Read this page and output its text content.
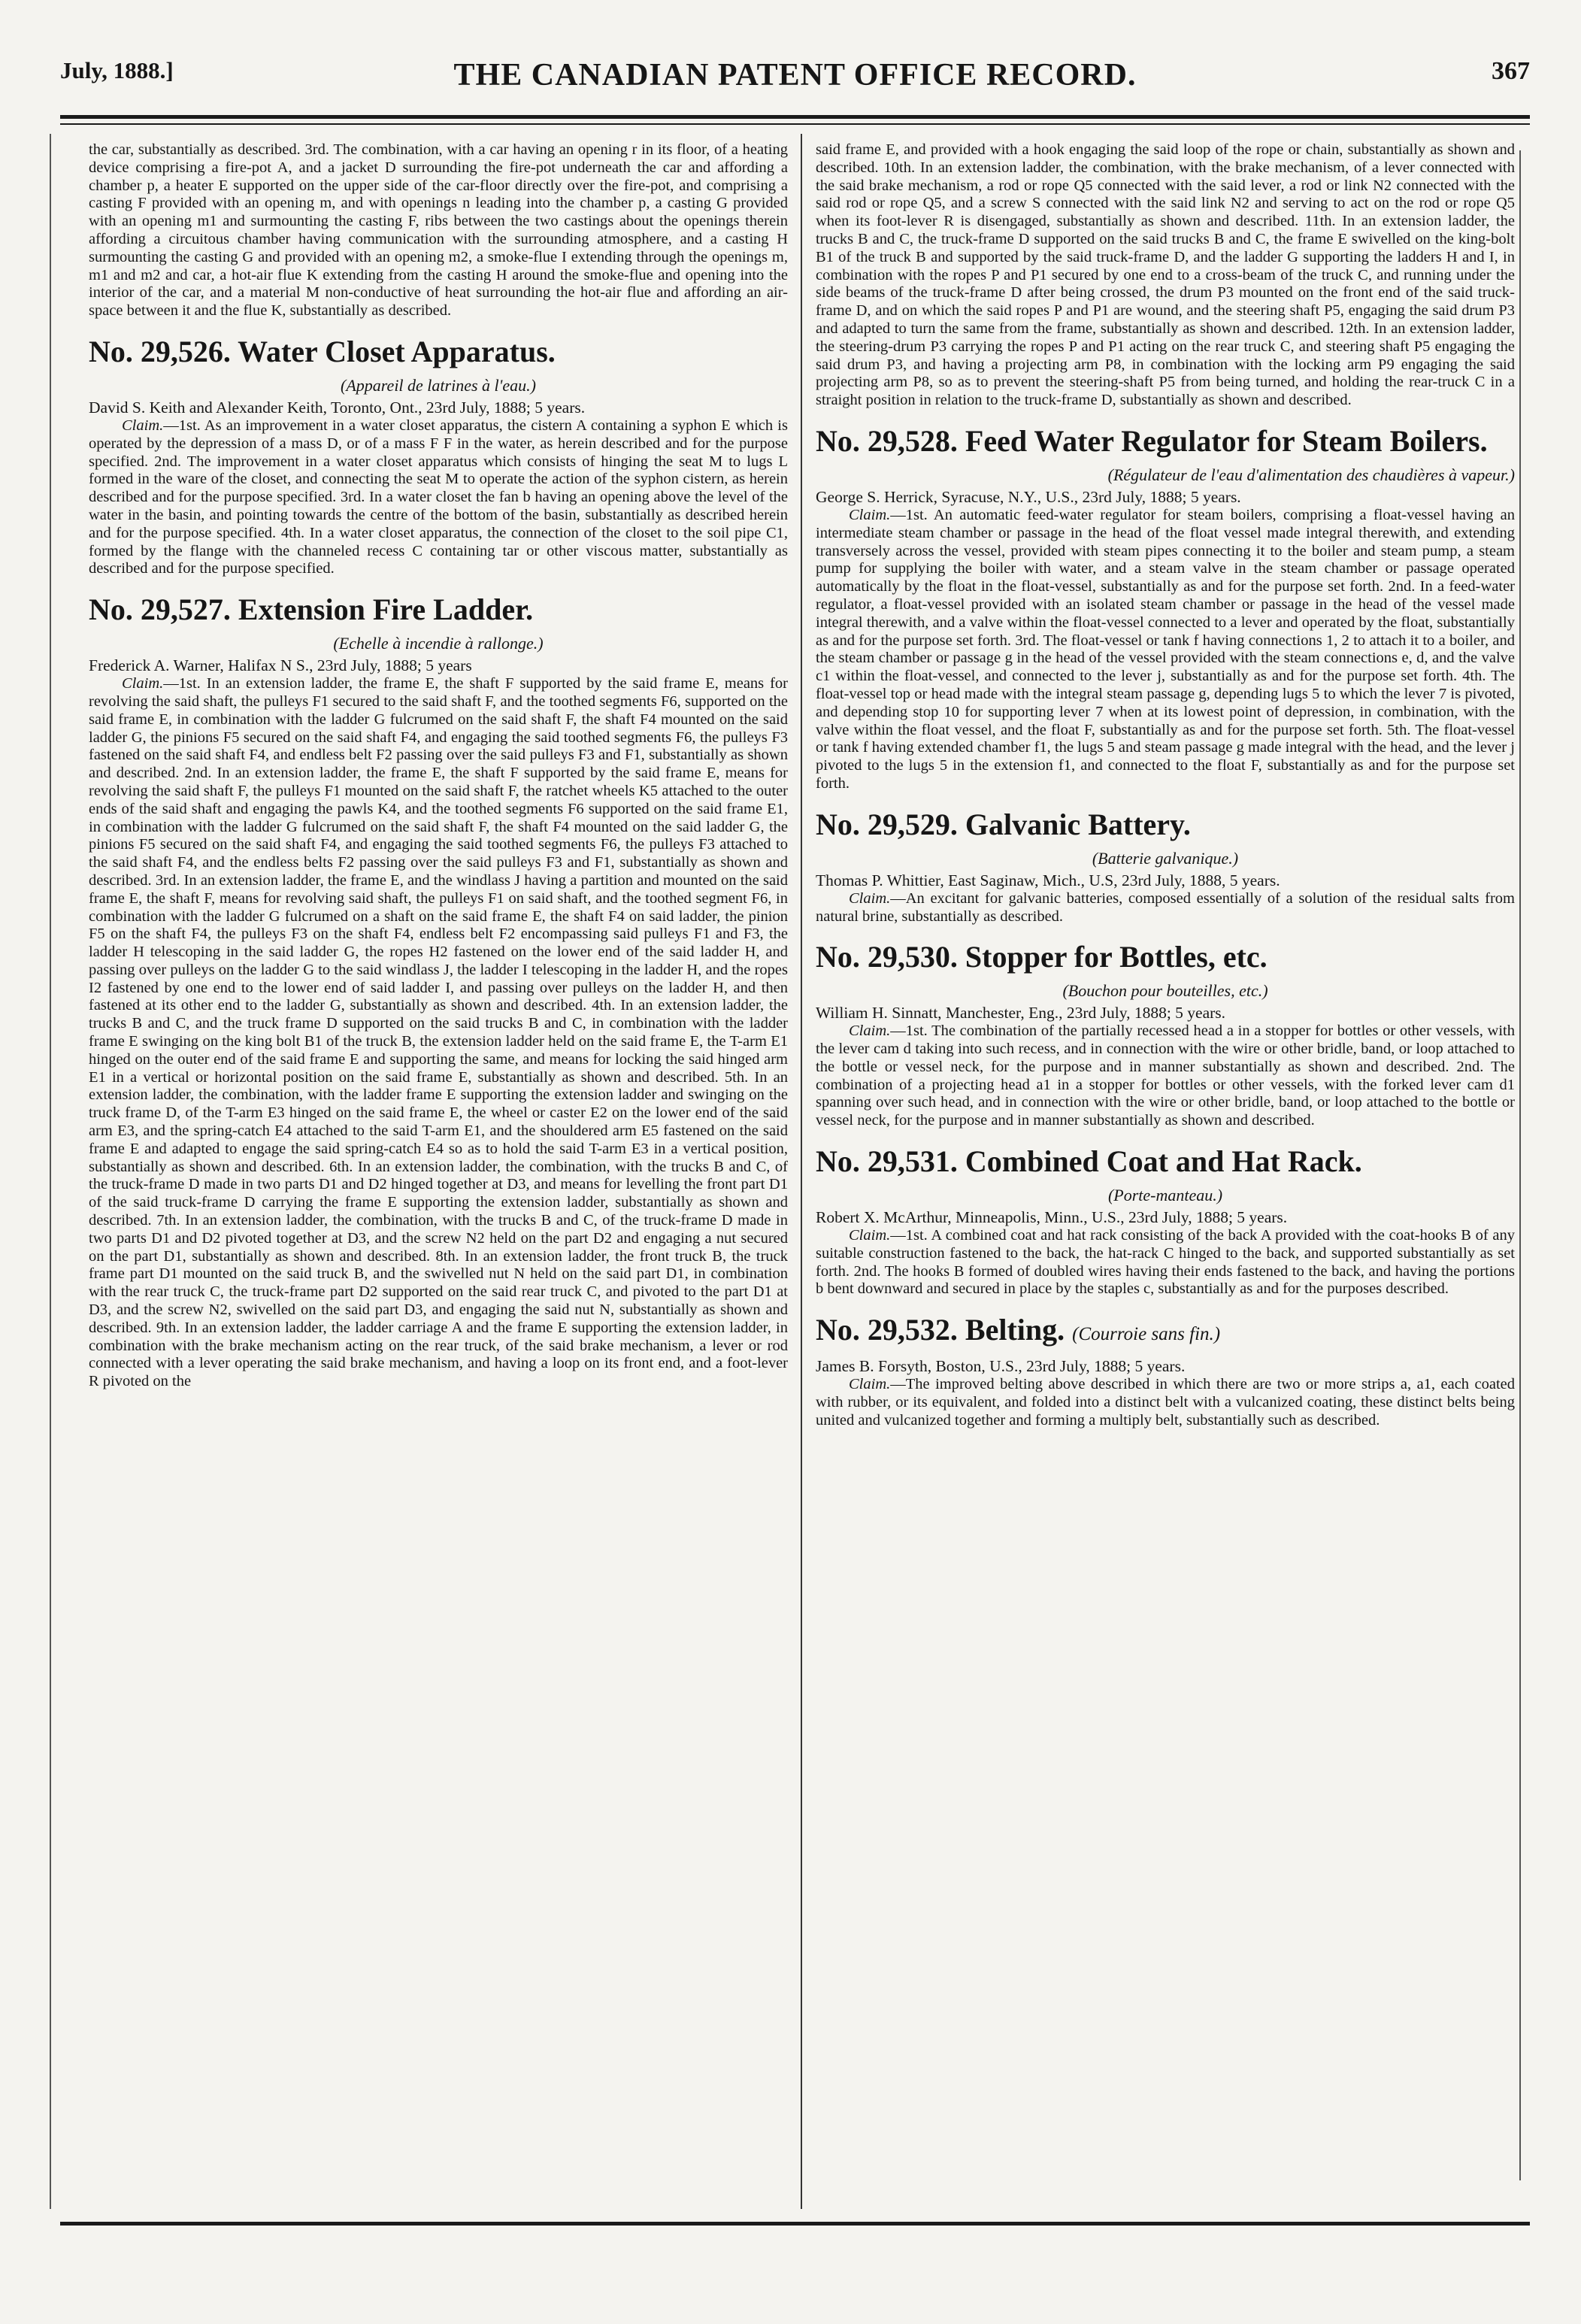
July, 1888.]	THE CANADIAN PATENT OFFICE RECORD.	367

the car, substantially as described. 3rd. The combination, with a car having an opening r in its floor, of a heating device comprising a fire-pot A, and a jacket D surrounding the fire-pot underneath the car and affording a chamber p, a heater E supported on the upper side of the car-floor directly over the fire-pot, and comprising a casting F provided with an opening m, and with openings n leading into the chamber p, a casting G provided with an opening m1 and surmounting the casting F, ribs between the two castings about the openings therein affording a circuitous chamber having communication with the surrounding atmosphere, and a casting H surmounting the casting G and provided with an opening m2, a smoke-flue I extending through the openings m, m1 and m2 and car, a hot-air flue K extending from the casting H around the smoke-flue and opening into the interior of the car, and a material M non-conductive of heat surrounding the hot-air flue and affording an air-space between it and the flue K, substantially as described.

No. 29,526. Water Closet Apparatus.
(Appareil de latrines à l'eau.)
David S. Keith and Alexander Keith, Toronto, Ont., 23rd July, 1888; 5 years.

Claim.—1st. As an improvement in a water closet apparatus, the cistern A containing a syphon E which is operated by the depression of a mass D, or of a mass F F in the water, as herein described and for the purpose specified. 2nd. The improvement in a water closet apparatus which consists of hinging the seat M to lugs L formed in the ware of the closet, and connecting the seat M to operate the action of the syphon cistern, as herein described and for the purpose specified. 3rd. In a water closet the fan b having an opening above the level of the water in the basin, and pointing towards the centre of the bottom of the basin, substantially as described herein and for the purpose specified. 4th. In a water closet apparatus, the connection of the closet to the soil pipe C1, formed by the flange with the channeled recess C containing tar or other viscous matter, substantially as described and for the purpose specified.

No. 29,527. Extension Fire Ladder.
(Echelle à incendie à rallonge.)
Frederick A. Warner, Halifax N S., 23rd July, 1888; 5 years

Claim.—1st. In an extension ladder, the frame E, the shaft F supported by the said frame E, means for revolving the said shaft, the pulleys F1 secured to the said shaft F, and the toothed segments F6, supported on the said frame E, in combination with the ladder G fulcrumed on the said shaft F, the shaft F4 mounted on the said ladder G, the pinions F5 secured on the said shaft F4, and engaging the said toothed segments F6, the pulleys F3 fastened on the said shaft F4, and endless belt F2 passing over the said pulleys F3 and F1, substantially as shown and described. 2nd. In an extension ladder, the frame E, the shaft F supported by the said frame E, means for revolving the said shaft F, the pulleys F1 mounted on the said shaft F, the ratchet wheels K5 attached to the outer ends of the said shaft and engaging the pawls K4, and the toothed segments F6 supported on the said frame E1, in combination with the ladder G fulcrumed on the said shaft F, the shaft F4 mounted on the said ladder G, the pinions F5 secured on the said shaft F4, and engaging the said toothed segments F6, the pulleys F3 attached to the said shaft F4, and the endless belts F2 passing over the said pulleys F3 and F1, substantially as shown and described. 3rd. In an extension ladder, the frame E, and the windlass J having a partition and mounted on the said frame E, the shaft F, means for revolving said shaft, the pulleys F1 on said shaft, and the toothed segment F6, in combination with the ladder G fulcrumed on a shaft on the said frame E, the shaft F4 on said ladder, the pinion F5 on the shaft F4, the pulleys F3 on the shaft F4, endless belt F2 encompassing said pulleys F1 and F3, the ladder H telescoping in the said ladder G, the ropes H2 fastened on the lower end of the said ladder H, and passing over pulleys on the ladder G to the said windlass J, the ladder I telescoping in the ladder H, and the ropes I2 fastened by one end to the lower end of said ladder I, and passing over pulleys on the ladder H, and then fastened at its other end to the ladder G, substantially as shown and described. 4th. In an extension ladder, the trucks B and C, and the truck frame D supported on the said trucks B and C, in combination with the ladder frame E swinging on the king bolt B1 of the truck B, the extension ladder held on the said frame E, the T-arm E1 hinged on the outer end of the said frame E and supporting the same, and means for locking the said hinged arm E1 in a vertical or horizontal position on the said frame E, substantially as shown and described. 5th. In an extension ladder, the combination, with the ladder frame E supporting the extension ladder and swinging on the truck frame D, of the T-arm E3 hinged on the said frame E, the wheel or caster E2 on the lower end of the said arm E3, and the spring-catch E4 attached to the said T-arm E1, and the shouldered arm E5 fastened on the said frame E and adapted to engage the said spring-catch E4 so as to hold the said T-arm E3 in a vertical position, substantially as shown and described. 6th. In an extension ladder, the combination, with the trucks B and C, of the truck-frame D made in two parts D1 and D2 hinged together at D3, and means for levelling the front part D1 of the said truck-frame D carrying the frame E supporting the extension ladder, substantially as shown and described. 7th. In an extension ladder, the combination, with the trucks B and C, of the truck-frame D made in two parts D1 and D2 pivoted together at D3, and the screw N2 held on the part D2 and engaging a nut secured on the part D1, substantially as shown and described. 8th. In an extension ladder, the front truck B, the truck frame part D1 mounted on the said truck B, and the swivelled nut N held on the said part D1, in combination with the rear truck C, the truck-frame part D2 supported on the said rear truck C, and pivoted to the part D1 at D3, and the screw N2, swivelled on the said part D3, and engaging the said nut N, substantially as shown and described. 9th. In an extension ladder, the ladder carriage A and the frame E supporting the extension ladder, in combination with the brake mechanism acting on the rear truck, of the said brake mechanism, a lever or rod connected with a lever operating the said brake mechanism, and having a loop on its front end, and a foot-lever R pivoted on the

said frame E, and provided with a hook engaging the said loop of the rope or chain, substantially as shown and described. 10th. In an extension ladder, the combination, with the brake mechanism, of a lever connected with the said brake mechanism, a rod or rope Q5 connected with the said lever, a rod or link N2 connected with the said rod or rope Q5, and a screw S connected with the said link N2 and serving to act on the rod or rope Q5 when its foot-lever R is disengaged, substantially as shown and described. 11th. In an extension ladder, the trucks B and C, the truck-frame D supported on the said trucks B and C, the frame E swivelled on the king-bolt B1 of the truck B and supported by the said truck-frame D, and the ladder G supporting the ladders H and I, in combination with the ropes P and P1 secured by one end to a cross-beam of the truck C, and running under the side beams of the truck-frame D after being crossed, the drum P3 mounted on the front end of the said truck-frame D, and on which the said ropes P and P1 are wound, and the steering shaft P5, engaging the said drum P3 and adapted to turn the same from the frame, substantially as shown and described. 12th. In an extension ladder, the steering-drum P3 carrying the ropes P and P1 acting on the rear truck C, and steering shaft P5 engaging the said drum P3, and having a projecting arm P8, in combination with the locking arm P9 engaging the said projecting arm P8, so as to prevent the steering-shaft P5 from being turned, and holding the rear-truck C in a straight position in relation to the truck-frame D, substantially as shown and described.

No. 29,528. Feed Water Regulator for Steam Boilers.
(Régulateur de l'eau d'alimentation des chaudières à vapeur.)
George S. Herrick, Syracuse, N.Y., U.S., 23rd July, 1888; 5 years.

Claim.—1st. An automatic feed-water regulator for steam boilers, comprising a float-vessel having an intermediate steam chamber or passage in the head of the float vessel made integral therewith, and extending transversely across the vessel, provided with steam pipes connecting it to the boiler and steam pump, a steam pump for supplying the boiler with water, and a steam valve in the steam chamber or passage operated automatically by the float in the float-vessel, substantially as and for the purpose set forth. 2nd. In a feed-water regulator, a float-vessel provided with an isolated steam chamber or passage in the head of the vessel made integral therewith, and a valve within the float-vessel connected to a lever and operated by the float, substantially as and for the purpose set forth. 3rd. The float-vessel or tank f having connections 1, 2 to attach it to a boiler, and the steam chamber or passage g in the head of the vessel provided with the steam connections e, d, and the valve c1 within the float-vessel, and connected to the lever j, substantially as and for the purpose set forth. 4th. The float-vessel top or head made with the integral steam passage g, depending lugs 5 to which the lever 7 is pivoted, and depending stop 10 for supporting lever 7 when at its lowest point of depression, in combination, with the valve within the float vessel, and the float F, substantially as and for the purpose set forth. 5th. The float-vessel or tank f having extended chamber f1, the lugs 5 and steam passage g made integral with the head, and the lever j pivoted to the lugs 5 in the extension f1, and connected to the float F, substantially as and for the purpose set forth.

No. 29,529. Galvanic Battery.
(Batterie galvanique.)
Thomas P. Whittier, East Saginaw, Mich., U.S, 23rd July, 1888, 5 years.

Claim.—An excitant for galvanic batteries, composed essentially of a solution of the residual salts from natural brine, substantially as described.

No. 29,530. Stopper for Bottles, etc.
(Bouchon pour bouteilles, etc.)
William H. Sinnatt, Manchester, Eng., 23rd July, 1888; 5 years.

Claim.—1st. The combination of the partially recessed head a in a stopper for bottles or other vessels, with the lever cam d taking into such recess, and in connection with the wire or other bridle, band, or loop attached to the bottle or vessel neck, for the purpose and in manner substantially as shown and described. 2nd. The combination of a projecting head a1 in a stopper for bottles or other vessels, with the forked lever cam d1 spanning over such head, and in connection with the wire or other bridle, band, or loop attached to the bottle or vessel neck, for the purpose and in manner substantially as shown and described.

No. 29,531. Combined Coat and Hat Rack.
(Porte-manteau.)
Robert X. McArthur, Minneapolis, Minn., U.S., 23rd July, 1888; 5 years.

Claim.—1st. A combined coat and hat rack consisting of the back A provided with the coat-hooks B of any suitable construction fastened to the back, the hat-rack C hinged to the back, and supported substantially as set forth. 2nd. The hooks B formed of doubled wires having their ends fastened to the back, and having the portions b bent downward and secured in place by the staples c, substantially as and for the purposes described.

No. 29,532. Belting. (Courroie sans fin.)
James B. Forsyth, Boston, U.S., 23rd July, 1888; 5 years.

Claim.—The improved belting above described in which there are two or more strips a, a1, each coated with rubber, or its equivalent, and folded into a distinct belt with a vulcanized coating, these distinct belts being united and vulcanized together and forming a multiply belt, substantially such as described.
